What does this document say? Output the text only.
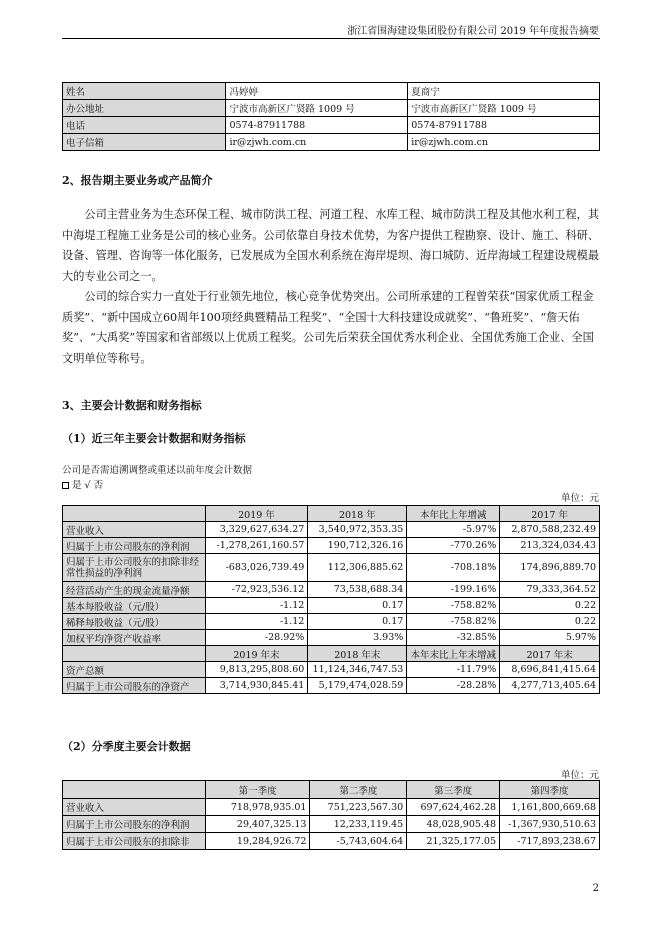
浙江省围海建设集团股份有限公司 2019 年年度报告摘要
姓名	冯婷婷	夏商宁
办公地址	宁波市高新区广贤路 1009 号	宁波市高新区广贤路 1009 号
电话	0574-87911788	0574-87911788
电子信箱	ir@zjwh.com.cn	ir@zjwh.com.cn
2、报告期主要业务或产品简介

公司主营业务为生态环保工程、城市防洪工程、河道工程、水库工程、城市防洪工程及其他水利工程，其中海堤工程施工业务是公司的核心业务。公司依靠自身技术优势，为客户提供工程勘察、设计、施工、科研、设备、管理、咨询等一体化服务，已发展成为全国水利系统在海岸堤坝、海口城防、近岸海域工程建设规模最大的专业公司之一。

公司的综合实力一直处于行业领先地位，核心竞争优势突出。公司所承建的工程曾荣获“国家优质工程金质奖”、“新中国成立60周年100项经典暨精品工程奖”、“全国十大科技建设成就奖”、“鲁班奖”、“詹天佑奖”、“大禹奖”等国家和省部级以上优质工程奖。公司先后荣获全国优秀水利企业、全国优秀施工企业、全国文明单位等称号。

3、主要会计数据和财务指标
（1）近三年主要会计数据和财务指标
公司是否需追溯调整或重述以前年度会计数据
是 √ 否
单位：元
	2019 年	2018 年	本年比上年增减	2017 年
营业收入	3,329,627,634.27	3,540,972,353.35	-5.97%	2,870,588,232.49
归属于上市公司股东的净利润	-1,278,261,160.57	190,712,326.16	-770.26%	213,324,034.43
归属于上市公司股东的扣除非经常性损益的净利润	-683,026,739.49	112,306,885.62	-708.18%	174,896,889.70
经营活动产生的现金流量净额	-72,923,536.12	73,538,688.34	-199.16%	79,333,364.52
基本每股收益（元/股）	-1.12	0.17	-758.82%	0.22
稀释每股收益（元/股）	-1.12	0.17	-758.82%	0.22
加权平均净资产收益率	-28.92%	3.93%	-32.85%	5.97%
	2019 年末	2018 年末	本年末比上年末增减	2017 年末
资产总额	9,813,295,808.60	11,124,346,747.53	-11.79%	8,696,841,415.64
归属于上市公司股东的净资产	3,714,930,845.41	5,179,474,028.59	-28.28%	4,277,713,405.64
（2）分季度主要会计数据
单位：元
	第一季度	第二季度	第三季度	第四季度
营业收入	718,978,935.01	751,223,567.30	697,624,462.28	1,161,800,669.68
归属于上市公司股东的净利润	29,407,325.13	12,233,119.45	48,028,905.48	-1,367,930,510.63
归属于上市公司股东的扣除非	19,284,926.72	-5,743,604.64	21,325,177.05	-717,893,238.67
2
